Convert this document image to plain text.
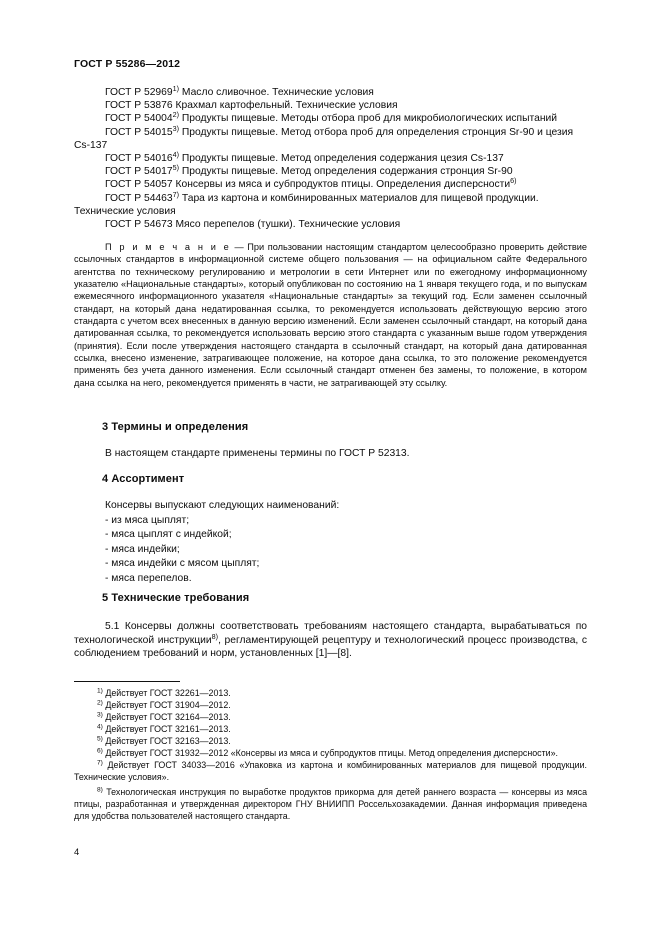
ГОСТ Р 55286—2012

ГОСТ Р 52969$^{1)}$ Масло сливочное. Технические условия

ГОСТ Р 53876 Крахмал картофельный. Технические условия

ГОСТ Р 54004$^{2)}$ Продукты пищевые. Методы отбора проб для микробиологических испытаний

ГОСТ Р 54015$^{3)}$ Продукты пищевые. Метод отбора проб для определения стронция Sr-90 и цезия Cs-137

ГОСТ Р 54016$^{4)}$ Продукты пищевые. Метод определения содержания цезия Cs-137

ГОСТ Р 54017$^{5)}$ Продукты пищевые. Метод определения содержания стронция Sr-90

ГОСТ Р 54057 Консервы из мяса и субпродуктов птицы. Определения дисперсности$^{6)}$

ГОСТ Р 54463$^{7)}$ Тара из картона и комбинированных материалов для пищевой продукции. Технические условия

ГОСТ Р 54673 Мясо перепелов (тушки). Технические условия

П р и м е ч а н и е — При пользовании настоящим стандартом целесообразно проверить действие ссылочных стандартов в информационной системе общего пользования — на официальном сайте Федерального агентства по техническому регулированию и метрологии в сети Интернет или по ежегодному информационному указателю «Национальные стандарты», который опубликован по состоянию на 1 января текущего года, и по выпускам ежемесячного информационного указателя «Национальные стандарты» за текущий год. Если заменен ссылочный стандарт, на который дана недатированная ссылка, то рекомендуется использовать действующую версию этого стандарта с учетом всех внесенных в данную версию изменений. Если заменен ссылочный стандарт, на который дана датированная ссылка, то рекомендуется использовать версию этого стандарта с указанным выше годом утверждения (принятия). Если после утверждения настоящего стандарта в ссылочный стандарт, на который дана датированная ссылка, внесено изменение, затрагивающее положение, на которое дана ссылка, то это положение рекомендуется применять без учета данного изменения. Если ссылочный стандарт отменен без замены, то положение, в котором дана ссылка на него, рекомендуется применять в части, не затрагивающей эту ссылку.

3 Термины и определения

В настоящем стандарте применены термины по ГОСТ Р 52313.

4 Ассортимент

Консервы выпускают следующих наименований:

- из мяса цыплят;

- мяса цыплят с индейкой;

- мяса индейки;

- мяса индейки с мясом цыплят;

- мяса перепелов.

5 Технические требования

5.1 Консервы должны соответствовать требованиям настоящего стандарта, вырабатываться по технологической инструкции$^{8)}$, регламентирующей рецептуру и технологический процесс производства, с соблюдением требований и норм, установленных [1]—[8].

$^{1)}$ Действует ГОСТ 32261—2013.

$^{2)}$ Действует ГОСТ 31904—2012.

$^{3)}$ Действует ГОСТ 32164—2013.

$^{4)}$ Действует ГОСТ 32161—2013.

$^{5)}$ Действует ГОСТ 32163—2013.

$^{6)}$ Действует ГОСТ 31932—2012 «Консервы из мяса и субпродуктов птицы. Метод определения дисперсности».

$^{7)}$ Действует ГОСТ 34033—2016 «Упаковка из картона и комбинированных материалов для пищевой продукции. Технические условия».

$^{8)}$ Технологическая инструкция по выработке продуктов прикорма для детей раннего возраста — консервы из мяса птицы, разработанная и утвержденная директором ГНУ ВНИИПП Россельхозакадемии. Данная информация приведена для удобства пользователей настоящего стандарта.

4
